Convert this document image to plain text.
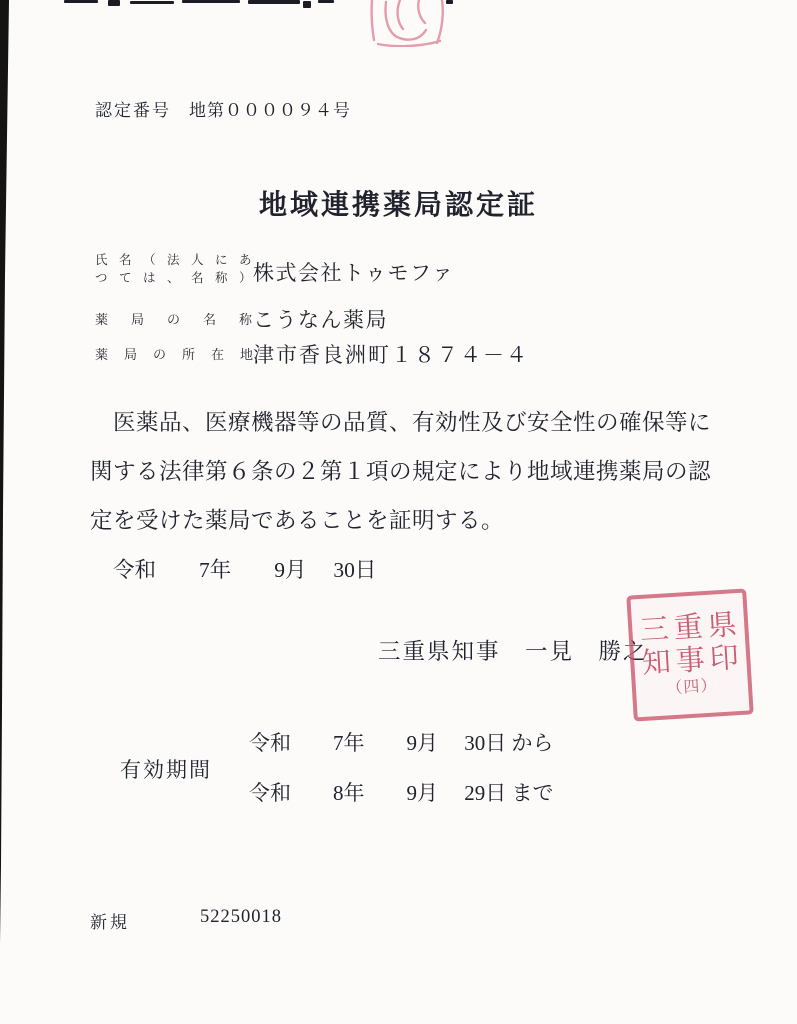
認定番号 地第００００９４号
地域連携薬局認定証
氏名（法人にあ
つては、名称）
株式会社トゥモファ
薬局の名称
こうなん薬局
薬局の所在地
津市香良洲町１８７４－４
　医薬品、医療機器等の品質、有効性及び安全性の確保等に
関する法律第６条の２第１項の規定により地域連携薬局の認
定を受けた薬局であることを証明する。
令和　　7年　　9月　 30日
三重県知事　一見　勝之
三重県
知事印
（四）
有効期間
令和　　7年　　9月　 30日 から
令和　　8年　　9月　 29日 まで
新規	52250018
